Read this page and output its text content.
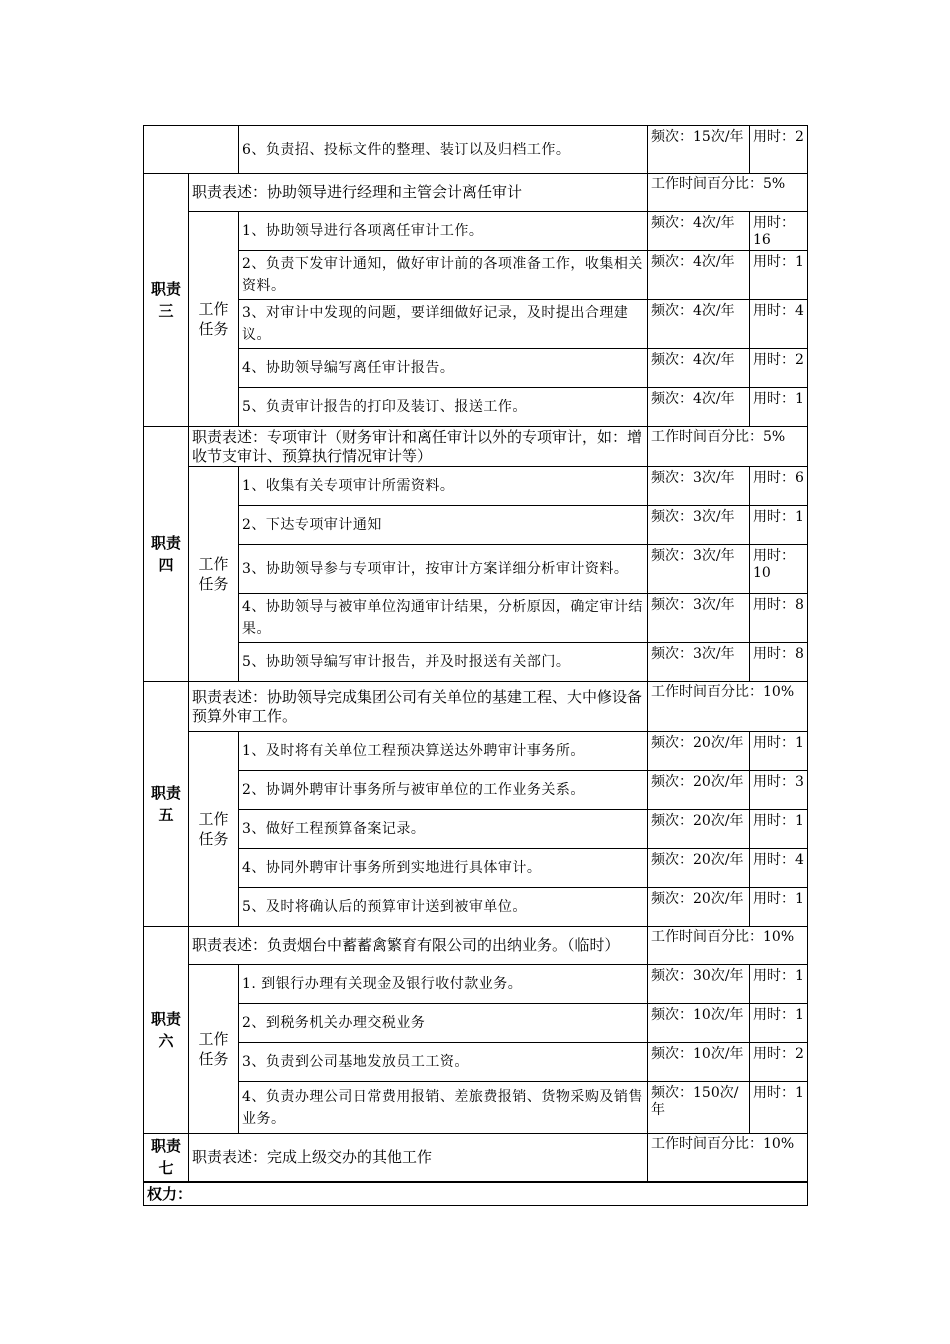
		6、负责招、投标文件的整理、装订以及归档工作。	频次：15次/年	用时：2
职责三	职责表述：协助领导进行经理和主管会计离任审计		工作时间百分比：5%	
	工作任务	1、协助领导进行各项离任审计工作。	频次：4次/年	用时：16
		2、负责下发审计通知，做好审计前的各项准备工作，收集相关资料。	频次：4次/年	用时：1
		3、对审计中发现的问题，要详细做好记录，及时提出合理建议。	频次：4次/年	用时：4
		4、协助领导编写离任审计报告。	频次：4次/年	用时：2
		5、负责审计报告的打印及装订、报送工作。	频次：4次/年	用时：1
职责四	职责表述：专项审计（财务审计和离任审计以外的专项审计，如：增收节支审计、预算执行情况审计等）		工作时间百分比：5%	
	工作任务	1、收集有关专项审计所需资料。	频次：3次/年	用时：6
		2、下达专项审计通知	频次：3次/年	用时：1
		3、协助领导参与专项审计，按审计方案详细分析审计资料。	频次：3次/年	用时：10
		4、协助领导与被审单位沟通审计结果，分析原因，确定审计结果。	频次：3次/年	用时：8
		5、协助领导编写审计报告，并及时报送有关部门。	频次：3次/年	用时：8
职责五	职责表述：协助领导完成集团公司有关单位的基建工程、大中修设备预算外审工作。		工作时间百分比：10%	
	工作任务	1、及时将有关单位工程预决算送达外聘审计事务所。	频次：20次/年	用时：1
		2、协调外聘审计事务所与被审单位的工作业务关系。	频次：20次/年	用时：3
		3、做好工程预算备案记录。	频次：20次/年	用时：1
		4、协同外聘审计事务所到实地进行具体审计。	频次：20次/年	用时：4
		5、及时将确认后的预算审计送到被审单位。	频次：20次/年	用时：1
职责六	职责表述：负责烟台中蓄蓄禽繁育有限公司的出纳业务。（临时）		工作时间百分比：10%	
	工作任务	1. 到银行办理有关现金及银行收付款业务。	频次：30次/年	用时：1
		2、到税务机关办理交税业务	频次：10次/年	用时：1
		3、负责到公司基地发放员工工资。	频次：10次/年	用时：2
		4、负责办理公司日常费用报销、差旅费报销、货物采购及销售业务。	频次：150次/年	用时：1
职责七	职责表述：完成上级交办的其他工作		工作时间百分比：10%	
权力：				
